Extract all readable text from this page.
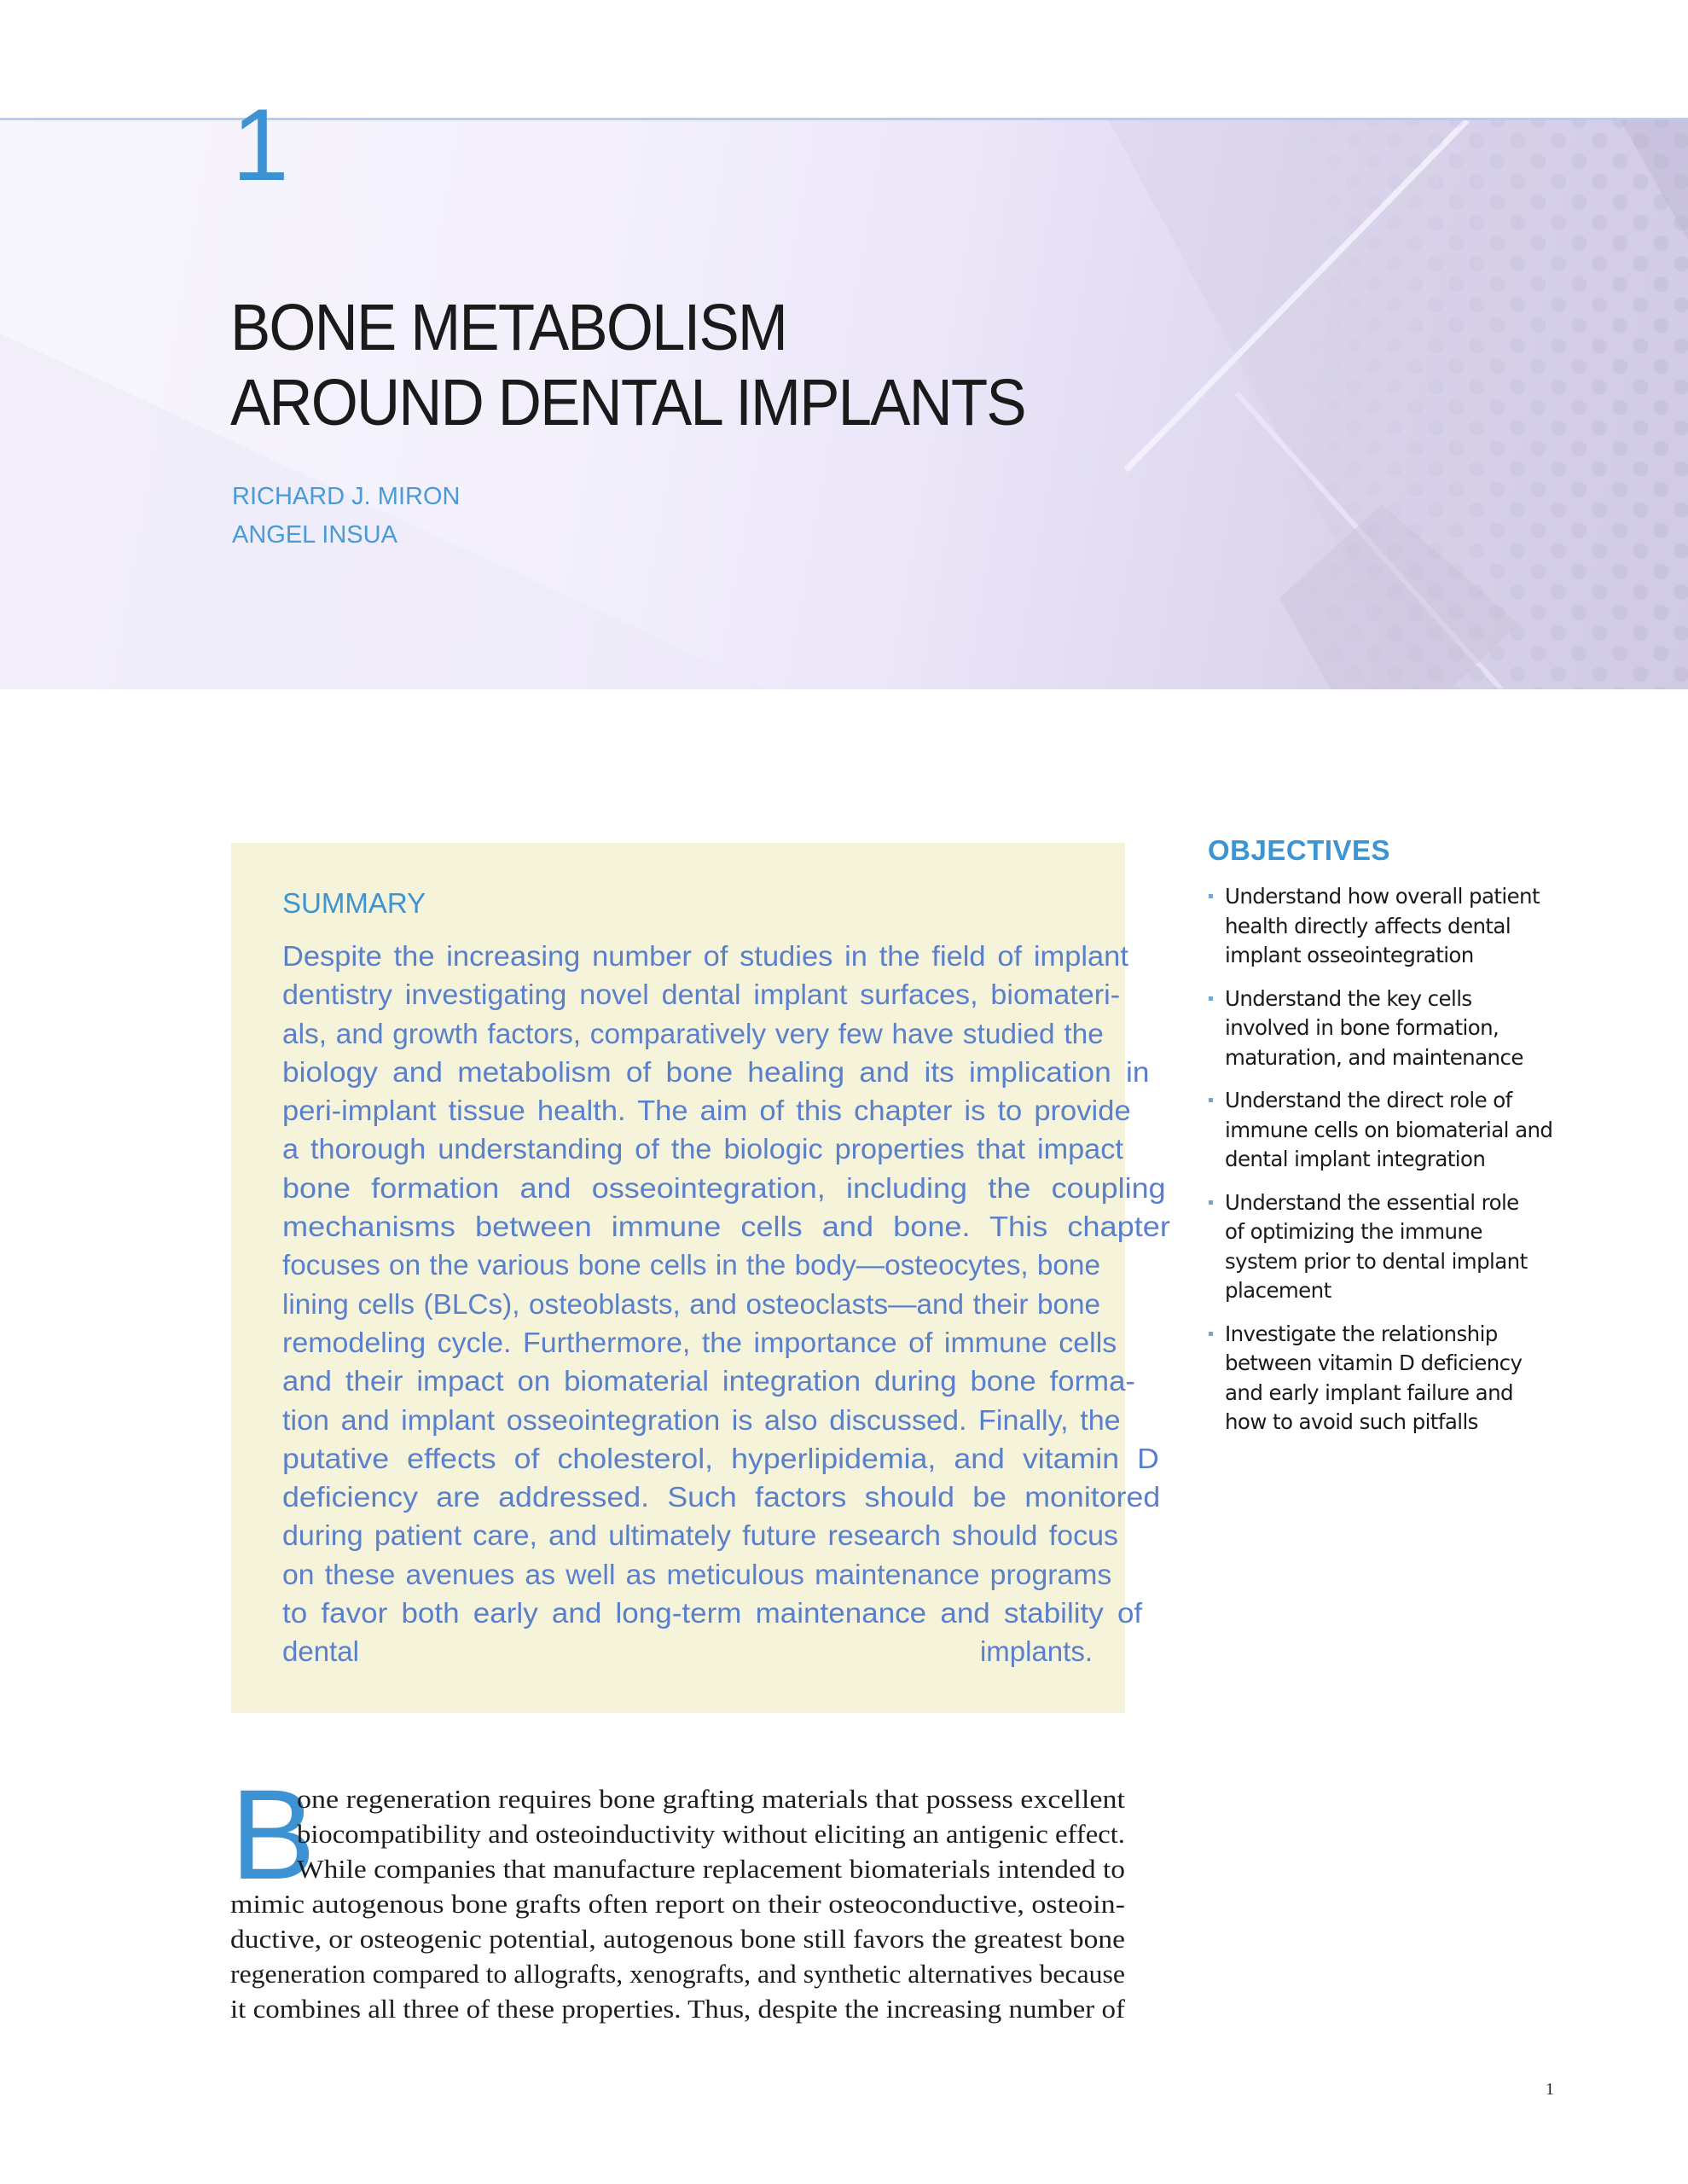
1
BONE METABOLISM
AROUND DENTAL IMPLANTS
RICHARD J. MIRON
ANGEL INSUA
SUMMARY
Despite the increasing number of studies in the field of implant
dentistry investigating novel dental implant surfaces, biomateri-
als, and growth factors, comparatively very few have studied the
biology and metabolism of bone healing and its implication in
peri-implant tissue health. The aim of this chapter is to provide
a thorough understanding of the biologic properties that impact
bone formation and osseointegration, including the coupling
mechanisms between immune cells and bone. This chapter
focuses on the various bone cells in the body—osteocytes, bone
lining cells (BLCs), osteoblasts, and osteoclasts—and their bone
remodeling cycle. Furthermore, the importance of immune cells
and their impact on biomaterial integration during bone forma-
tion and implant osseointegration is also discussed. Finally, the
putative effects of cholesterol, hyperlipidemia, and vitamin D
deficiency are addressed. Such factors should be monitored
during patient care, and ultimately future research should focus
on these avenues as well as meticulous maintenance programs
to favor both early and long-term maintenance and stability of
dental implants.
OBJECTIVES
Understand how overall patient
health directly affects dental
implant osseointegration
Understand the key cells
involved in bone formation,
maturation, and maintenance
Understand the direct role of
immune cells on biomaterial and
dental implant integration
Understand the essential role
of optimizing the immune
system prior to dental implant
placement
Investigate the relationship
between vitamin D deficiency
and early implant failure and
how to avoid such pitfalls
B
one regeneration requires bone grafting materials that possess excellent
biocompatibility and osteoinductivity without eliciting an antigenic effect.
While companies that manufacture replacement biomaterials intended to
mimic autogenous bone grafts often report on their osteoconductive, osteoin-
ductive, or osteogenic potential, autogenous bone still favors the greatest bone
regeneration compared to allografts, xenografts, and synthetic alternatives because
it combines all three of these properties. Thus, despite the increasing number of
1
